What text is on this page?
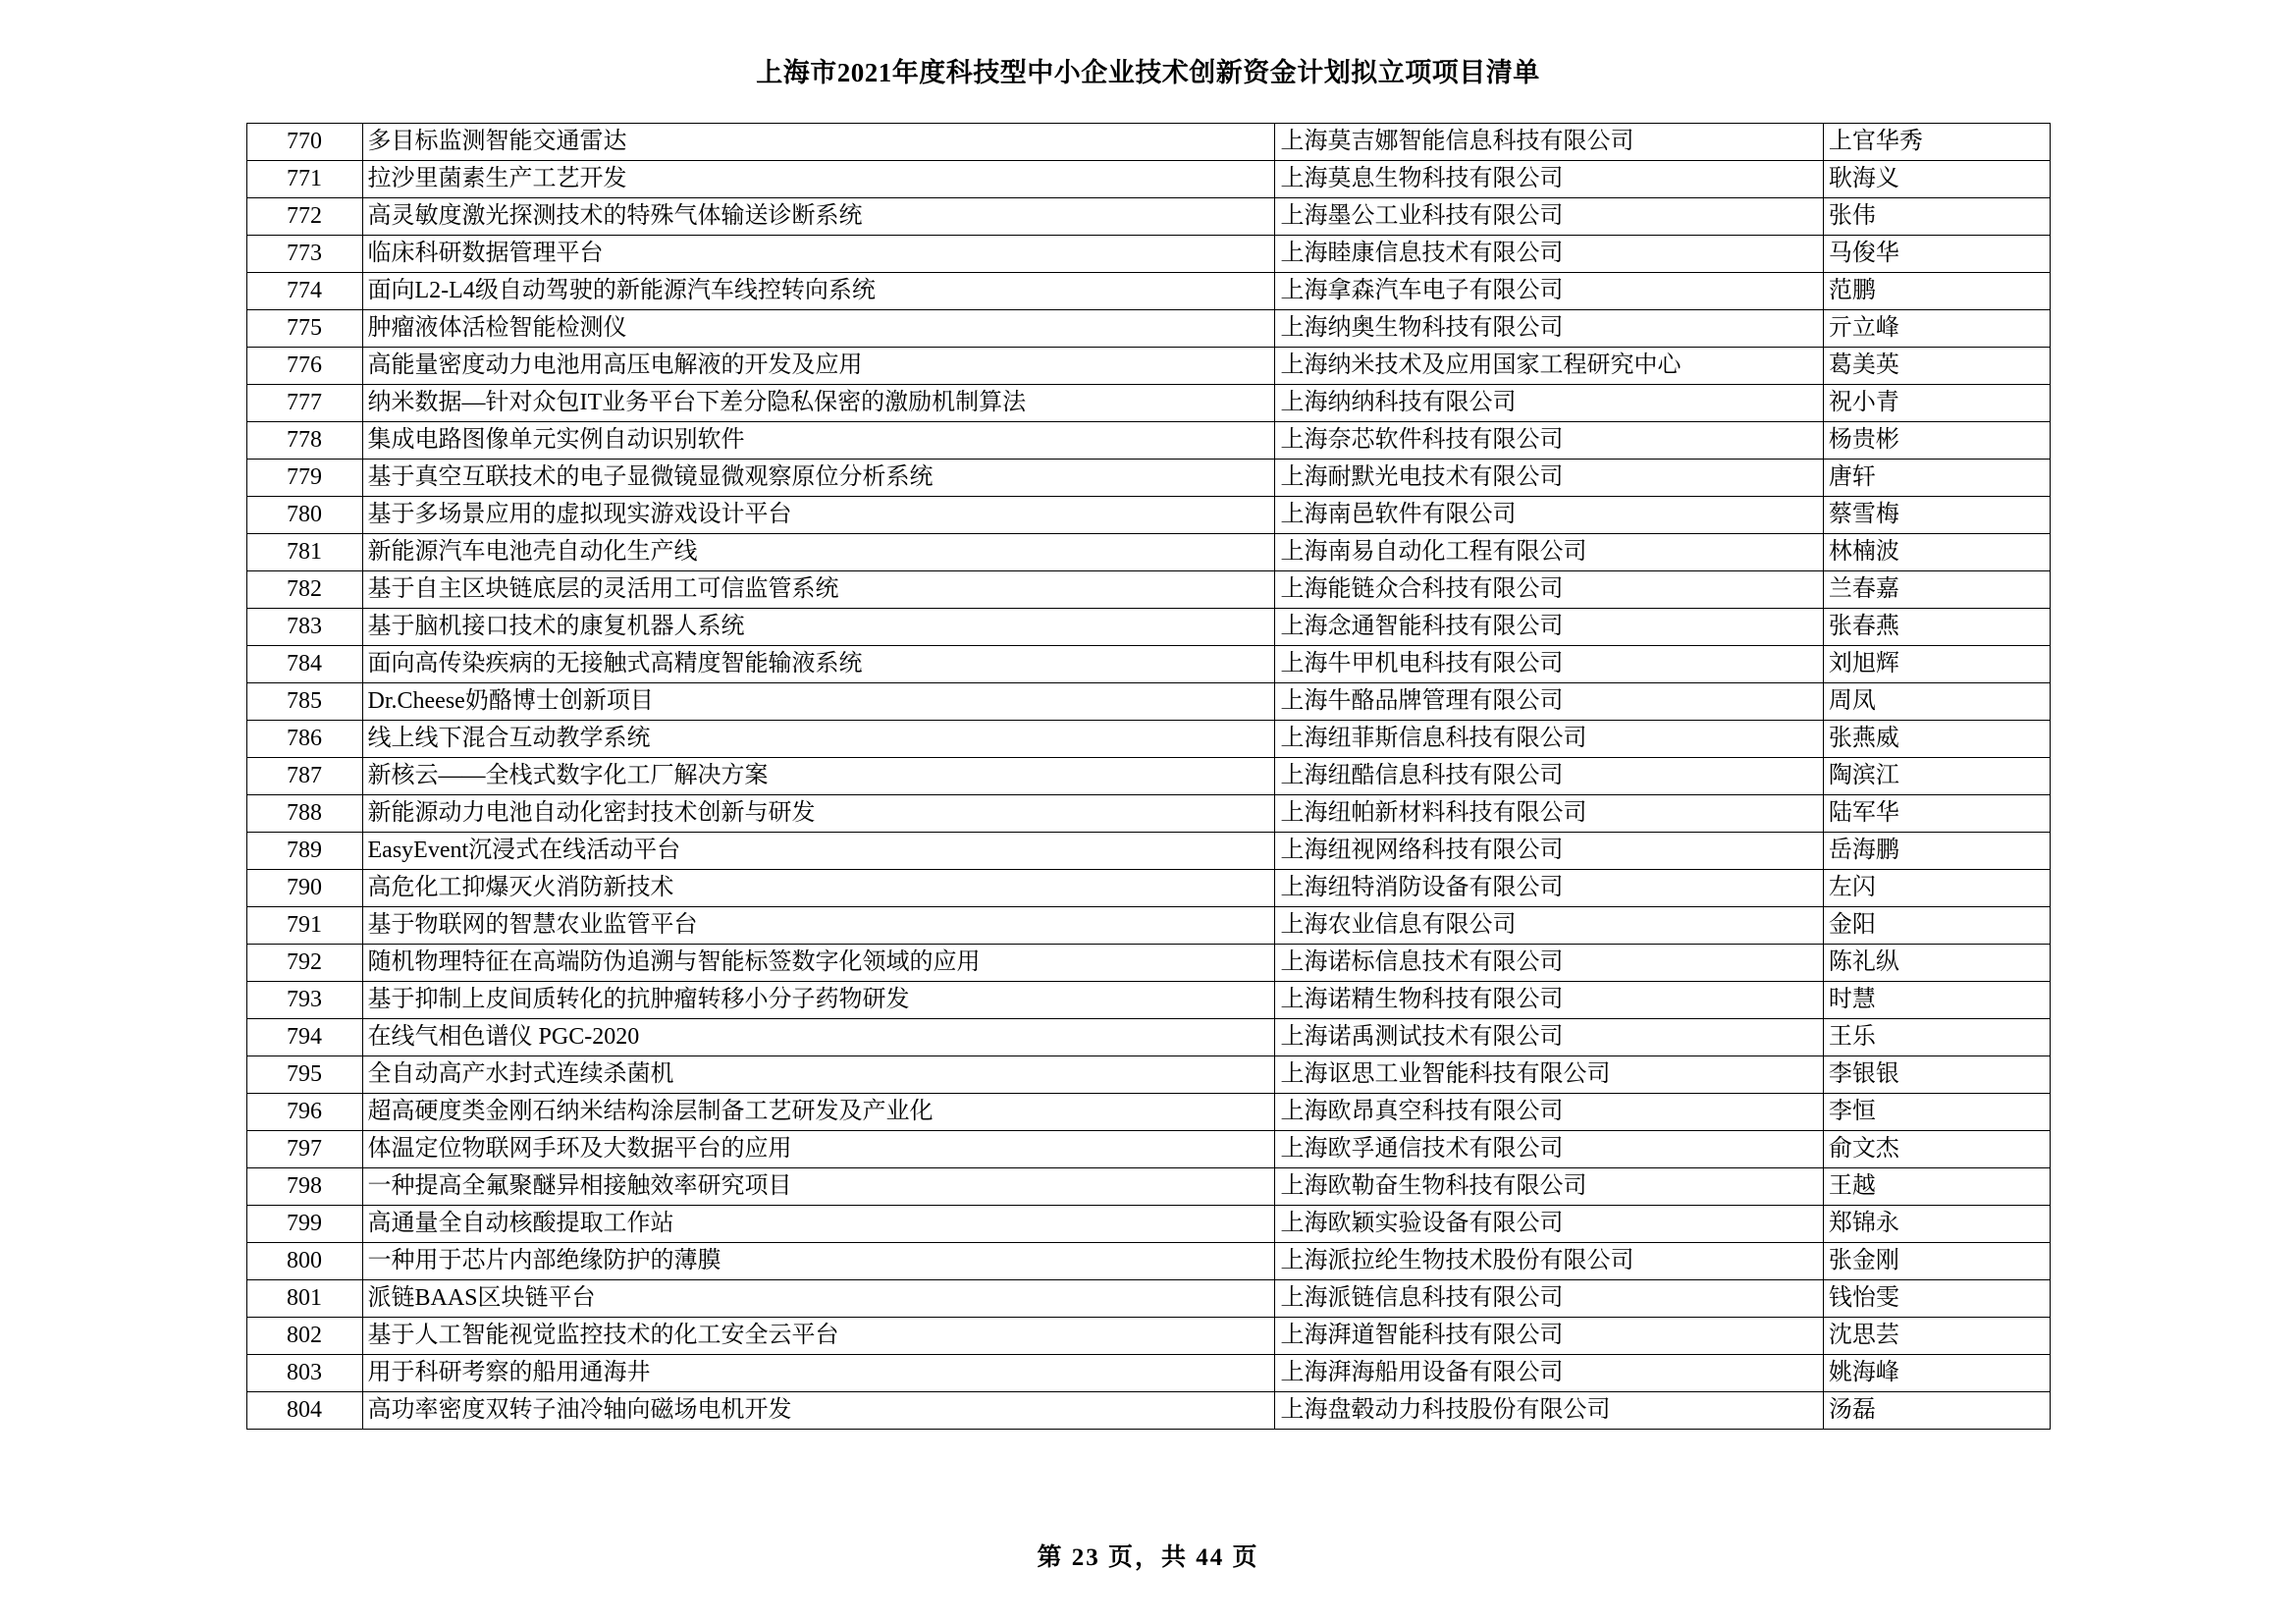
上海市2021年度科技型中小企业技术创新资金计划拟立项项目清单
770	多目标监测智能交通雷达	上海莫吉娜智能信息科技有限公司	上官华秀
771	拉沙里菌素生产工艺开发	上海莫息生物科技有限公司	耿海义
772	高灵敏度激光探测技术的特殊气体输送诊断系统	上海墨公工业科技有限公司	张伟
773	临床科研数据管理平台	上海睦康信息技术有限公司	马俊华
774	面向L2-L4级自动驾驶的新能源汽车线控转向系统	上海拿森汽车电子有限公司	范鹏
775	肿瘤液体活检智能检测仪	上海纳奥生物科技有限公司	亓立峰
776	高能量密度动力电池用高压电解液的开发及应用	上海纳米技术及应用国家工程研究中心	葛美英
777	纳米数据—针对众包IT业务平台下差分隐私保密的激励机制算法	上海纳纳科技有限公司	祝小青
778	集成电路图像单元实例自动识别软件	上海奈芯软件科技有限公司	杨贵彬
779	基于真空互联技术的电子显微镜显微观察原位分析系统	上海耐默光电技术有限公司	唐轩
780	基于多场景应用的虚拟现实游戏设计平台	上海南邑软件有限公司	蔡雪梅
781	新能源汽车电池壳自动化生产线	上海南易自动化工程有限公司	林楠波
782	基于自主区块链底层的灵活用工可信监管系统	上海能链众合科技有限公司	兰春嘉
783	基于脑机接口技术的康复机器人系统	上海念通智能科技有限公司	张春燕
784	面向高传染疾病的无接触式高精度智能输液系统	上海牛甲机电科技有限公司	刘旭辉
785	Dr.Cheese奶酪博士创新项目	上海牛酪品牌管理有限公司	周凤
786	线上线下混合互动教学系统	上海纽菲斯信息科技有限公司	张燕威
787	新核云——全栈式数字化工厂解决方案	上海纽酷信息科技有限公司	陶滨江
788	新能源动力电池自动化密封技术创新与研发	上海纽帕新材料科技有限公司	陆军华
789	EasyEvent沉浸式在线活动平台	上海纽视网络科技有限公司	岳海鹏
790	高危化工抑爆灭火消防新技术	上海纽特消防设备有限公司	左闪
791	基于物联网的智慧农业监管平台	上海农业信息有限公司	金阳
792	随机物理特征在高端防伪追溯与智能标签数字化领域的应用	上海诺标信息技术有限公司	陈礼纵
793	基于抑制上皮间质转化的抗肿瘤转移小分子药物研发	上海诺精生物科技有限公司	时慧
794	在线气相色谱仪 PGC-2020	上海诺禹测试技术有限公司	王乐
795	全自动高产水封式连续杀菌机	上海讴思工业智能科技有限公司	李银银
796	超高硬度类金刚石纳米结构涂层制备工艺研发及产业化	上海欧昂真空科技有限公司	李恒
797	体温定位物联网手环及大数据平台的应用	上海欧孚通信技术有限公司	俞文杰
798	一种提高全氟聚醚异相接触效率研究项目	上海欧勒奋生物科技有限公司	王越
799	高通量全自动核酸提取工作站	上海欧颖实验设备有限公司	郑锦永
800	一种用于芯片内部绝缘防护的薄膜	上海派拉纶生物技术股份有限公司	张金刚
801	派链BAAS区块链平台	上海派链信息科技有限公司	钱怡雯
802	基于人工智能视觉监控技术的化工安全云平台	上海湃道智能科技有限公司	沈思芸
803	用于科研考察的船用通海井	上海湃海船用设备有限公司	姚海峰
804	高功率密度双转子油冷轴向磁场电机开发	上海盘毂动力科技股份有限公司	汤磊
第 23 页，共 44 页
